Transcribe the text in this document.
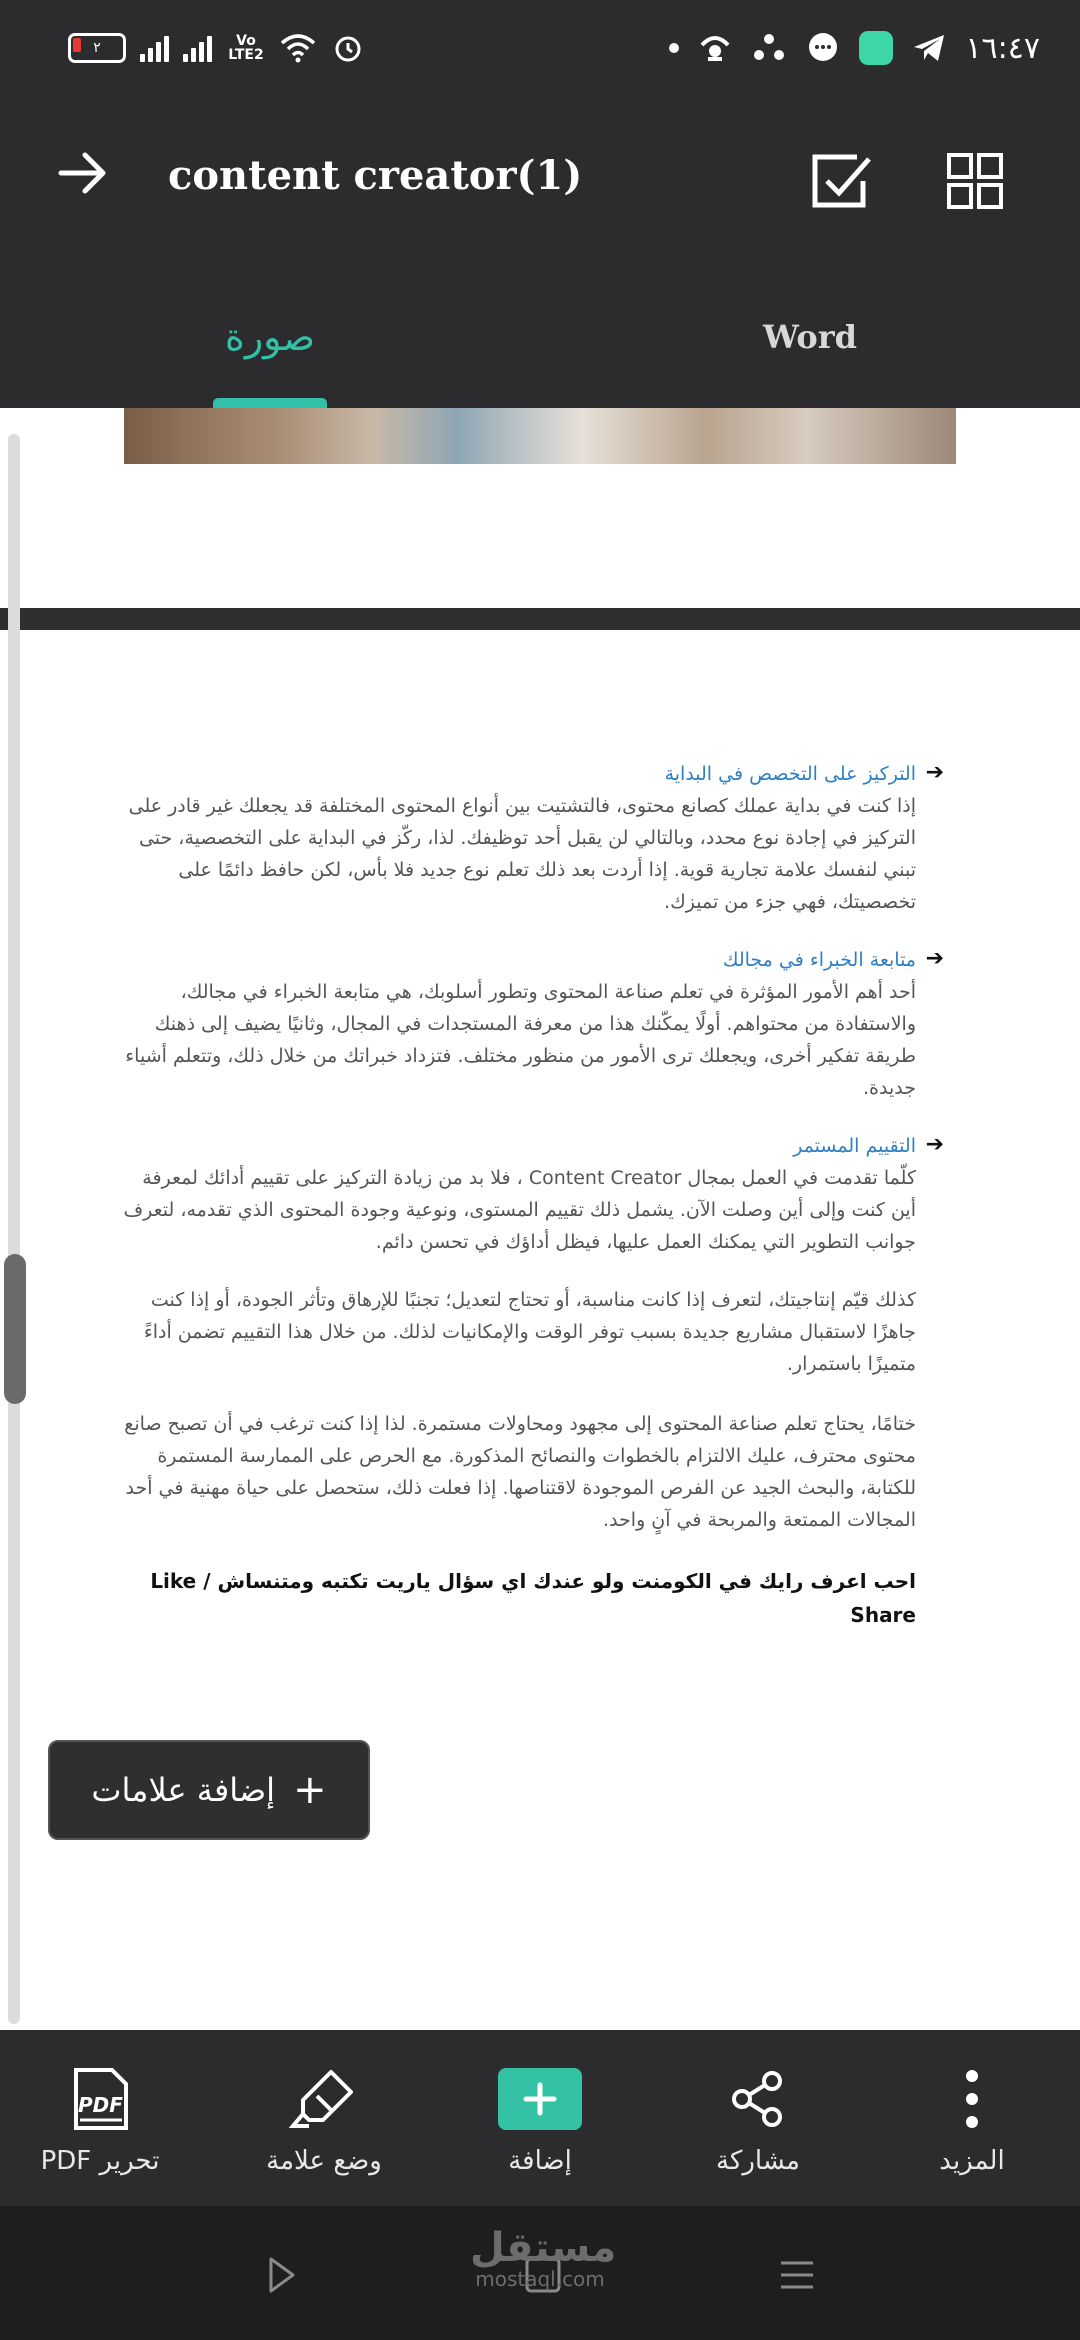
٢	Vo LTE2	١٦:٤٧
content creator(1)
صورة	Word
➔

التركيز على التخصص في البداية

إذا كنت في بداية عملك كصانع محتوى، فالتشتيت بين أنواع المحتوى المختلفة قد يجعلك غير قادر على التركيز في إجادة نوع محدد، وبالتالي لن يقبل أحد توظيفك. لذا، ركّز في البداية على التخصصية، حتى تبني لنفسك علامة تجارية قوية. إذا أردت بعد ذلك تعلم نوع جديد فلا بأس، لكن حافظ دائمًا على تخصصيتك، فهي جزء من تميزك.

➔

متابعة الخبراء في مجالك

أحد أهم الأمور المؤثرة في تعلم صناعة المحتوى وتطور أسلوبك، هي متابعة الخبراء في مجالك، والاستفادة من محتواهم. أولًا يمكّنك هذا من معرفة المستجدات في المجال، وثانيًا يضيف إلى ذهنك طريقة تفكير أخرى، ويجعلك ترى الأمور من منظور مختلف. فتزداد خبراتك من خلال ذلك، وتتعلم أشياء جديدة.

➔

التقييم المستمر

كلّما تقدمت في العمل بمجال Content Creator ، فلا بد من زيادة التركيز على تقييم أدائك لمعرفة أين كنت وإلى أين وصلت الآن. يشمل ذلك تقييم المستوى، ونوعية وجودة المحتوى الذي تقدمه، لتعرف جوانب التطوير التي يمكنك العمل عليها، فيظل أداؤك في تحسن دائم.

كذلك قيّم إنتاجيتك، لتعرف إذا كانت مناسبة، أو تحتاج لتعديل؛ تجنبًا للإرهاق وتأثر الجودة، أو إذا كنت جاهزًا لاستقبال مشاريع جديدة بسبب توفر الوقت والإمكانيات لذلك. من خلال هذا التقييم تضمن أداءً متميزًا باستمرار.

ختامًا، يحتاج تعلم صناعة المحتوى إلى مجهود ومحاولات مستمرة. لذا إذا كنت ترغب في أن تصبح صانع محتوى محترف، عليك الالتزام بالخطوات والنصائح المذكورة. مع الحرص على الممارسة المستمرة للكتابة، والبحث الجيد عن الفرص الموجودة لاقتناصها. إذا فعلت ذلك، ستحصل على حياة مهنية في أحد المجالات الممتعة والمربحة في آنٍ واحد.

احب اعرف رايك في الكومنت ولو عندك اي سؤال ياريت تكتبه ومتنساش Like / Share

+
إضافة علامات
PDF
تحرير PDF	وضع علامة	إضافة	مشاركة	المزيد
مستقل
mostaql.com
